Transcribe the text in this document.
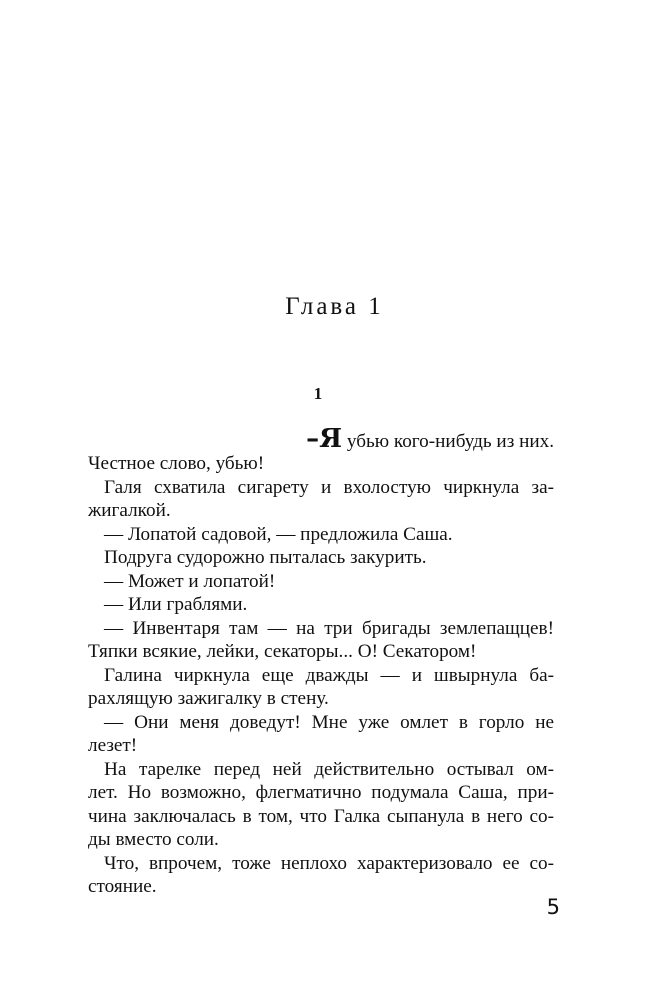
Глава 1
1
–Я убью кого-нибудь из них.
Честное слово, убью!
Галя схватила сигарету и вхолостую чиркнула за-
жигалкой.
— Лопатой садовой, — предложила Саша.
Подруга судорожно пыталась закурить.
— Может и лопатой!
— Или граблями.
— Инвентаря там — на три бригады землепащцев!
Тяпки всякие, лейки, секаторы... О! Секатором!
Галина чиркнула еще дважды — и швырнула ба-
рахлящую зажигалку в стену.
— Они меня доведут! Мне уже омлет в горло не
лезет!
На тарелке перед ней действительно остывал ом-
лет. Но возможно, флегматично подумала Саша, при-
чина заключалась в том, что Галка сыпанула в него со-
ды вместо соли.
Что, впрочем, тоже неплохо характеризовало ее со-
стояние.
5
